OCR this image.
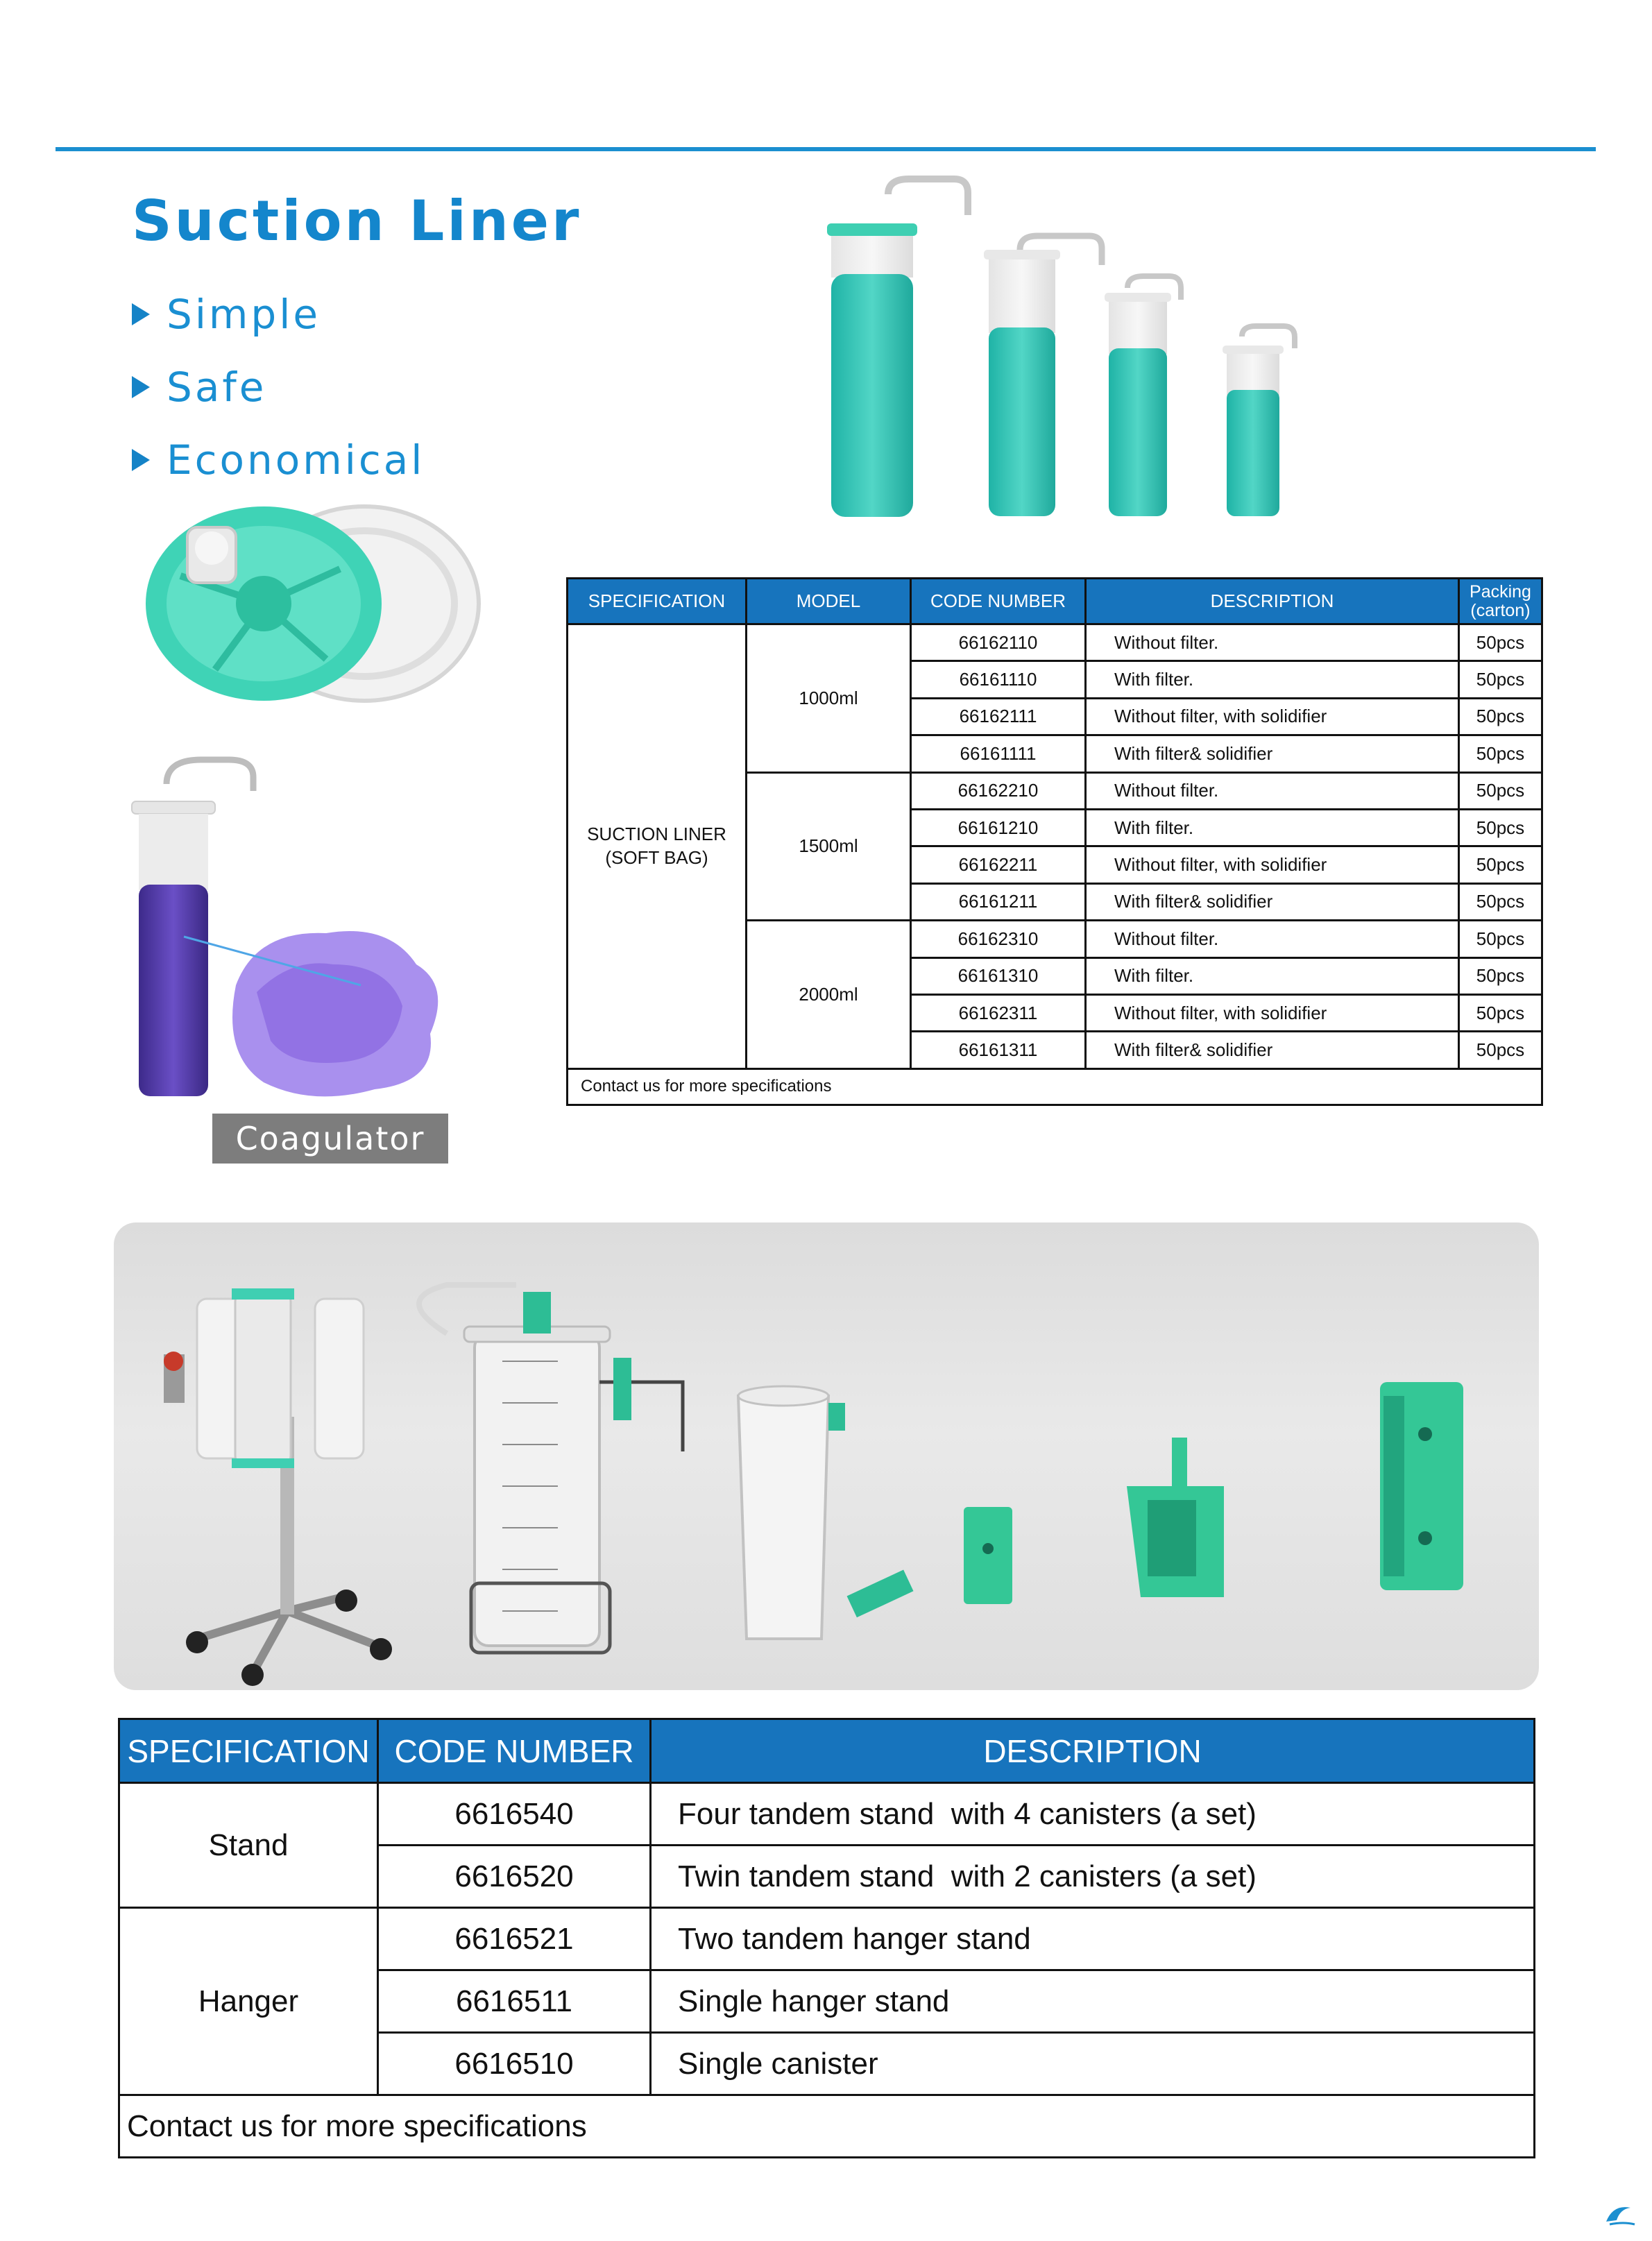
Suction Liner
Simple
Safe
Economical
Coagulator
SPECIFICATION	MODEL	CODE NUMBER	DESCRIPTION	Packing
(carton)
SUCTION LINER (SOFT BAG)	1000ml	66162110	Without filter.	50pcs
		66161110	With filter.	50pcs
		66162111	Without filter, with solidifier	50pcs
		66161111	With filter& solidifier	50pcs
	1500ml	66162210	Without filter.	50pcs
		66161210	With filter.	50pcs
		66162211	Without filter, with solidifier	50pcs
		66161211	With filter& solidifier	50pcs
	2000ml	66162310	Without filter.	50pcs
		66161310	With filter.	50pcs
		66162311	Without filter, with solidifier	50pcs
		66161311	With filter& solidifier	50pcs
Contact us for more specifications				
SPECIFICATION	CODE NUMBER	DESCRIPTION
Stand	6616540	Four tandem stand  with 4 canisters (a set)
	6616520	Twin tandem stand  with 2 canisters (a set)
Hanger	6616521	Two tandem hanger stand
	6616511	Single hanger stand
	6616510	Single canister
Contact us for more specifications		
